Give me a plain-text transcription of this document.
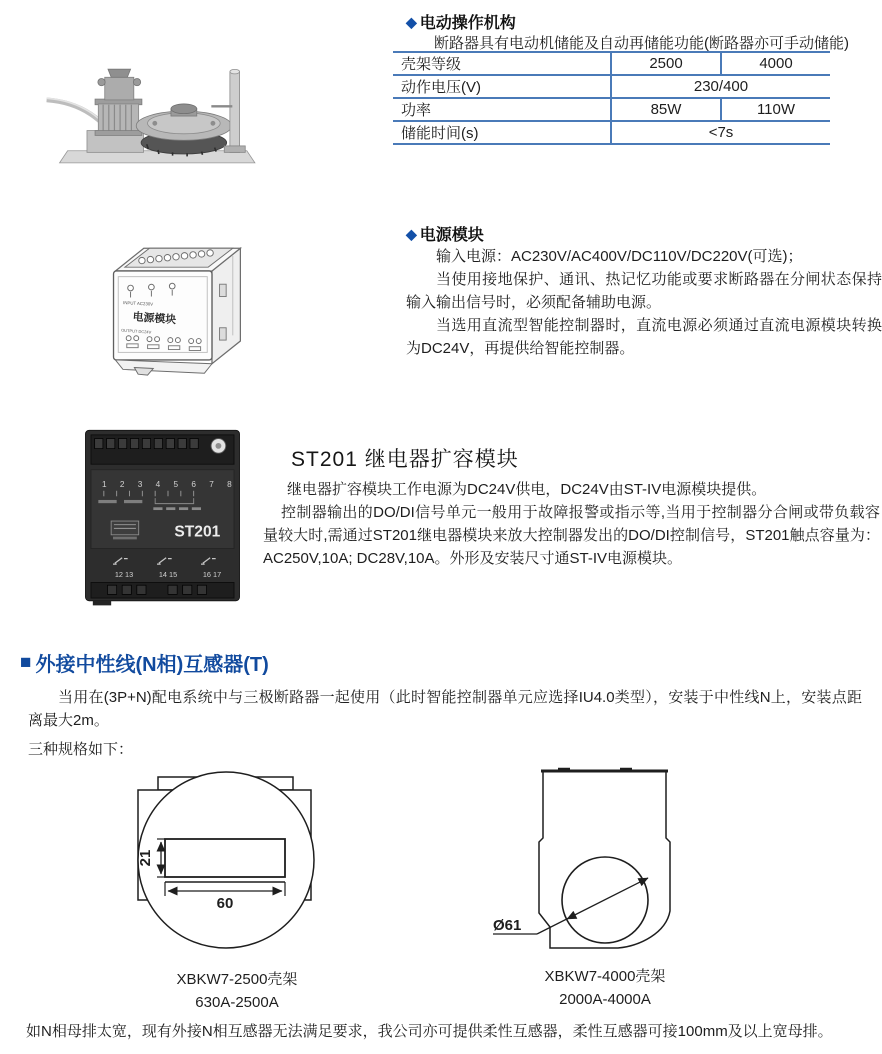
◆ 电动操作机构
断路器具有电动机储能及自动再储能功能(断路器亦可手动储能)
壳架等级	2500	4000
动作电压(V)	230/400
功率	85W	110W
储能时间(s)	<7s
INPUT AC230V
电源模块
OUTPUT DC24V
◆ 电源模块

输入电源：AC230V/AC400V/DC110V/DC220V(可选)；

当使用接地保护、通讯、热记忆功能或要求断路器在分闸状态保持输入输出信号时，必须配备辅助电源。

当选用直流型智能控制器时，直流电源必须通过直流电源模块转换为DC24V，再提供给智能控制器。

1 2 3 4 5 6 7 8
ST201
12 13	14 15	16 17
ST201 继电器扩容模块

继电器扩容模块工作电源为DC24V供电，DC24V由ST-IV电源模块提供。

控制器输出的DO/DI信号单元一般用于故障报警或指示等,当用于控制器分合闸或带负载容量较大时,需通过ST201继电器模块来放大控制器发出的DO/DI控制信号，ST201触点容量为：AC250V,10A; DC28V,10A。外形及安装尺寸通ST-IV电源模块。

■ 外接中性线(N相)互感器(T)
当用在(3P+N)配电系统中与三极断路器一起使用（此时智能控制器单元应选择IU4.0类型），安装于中性线N上，安装点距离最大2m。
三种规格如下：
21
60
Ø61
XBKW7-2500壳架
630A-2500A
XBKW7-4000壳架
2000A-4000A
如N相母排太宽，现有外接N相互感器无法满足要求，我公司亦可提供柔性互感器，柔性互感器可接100mm及以上宽母排。
